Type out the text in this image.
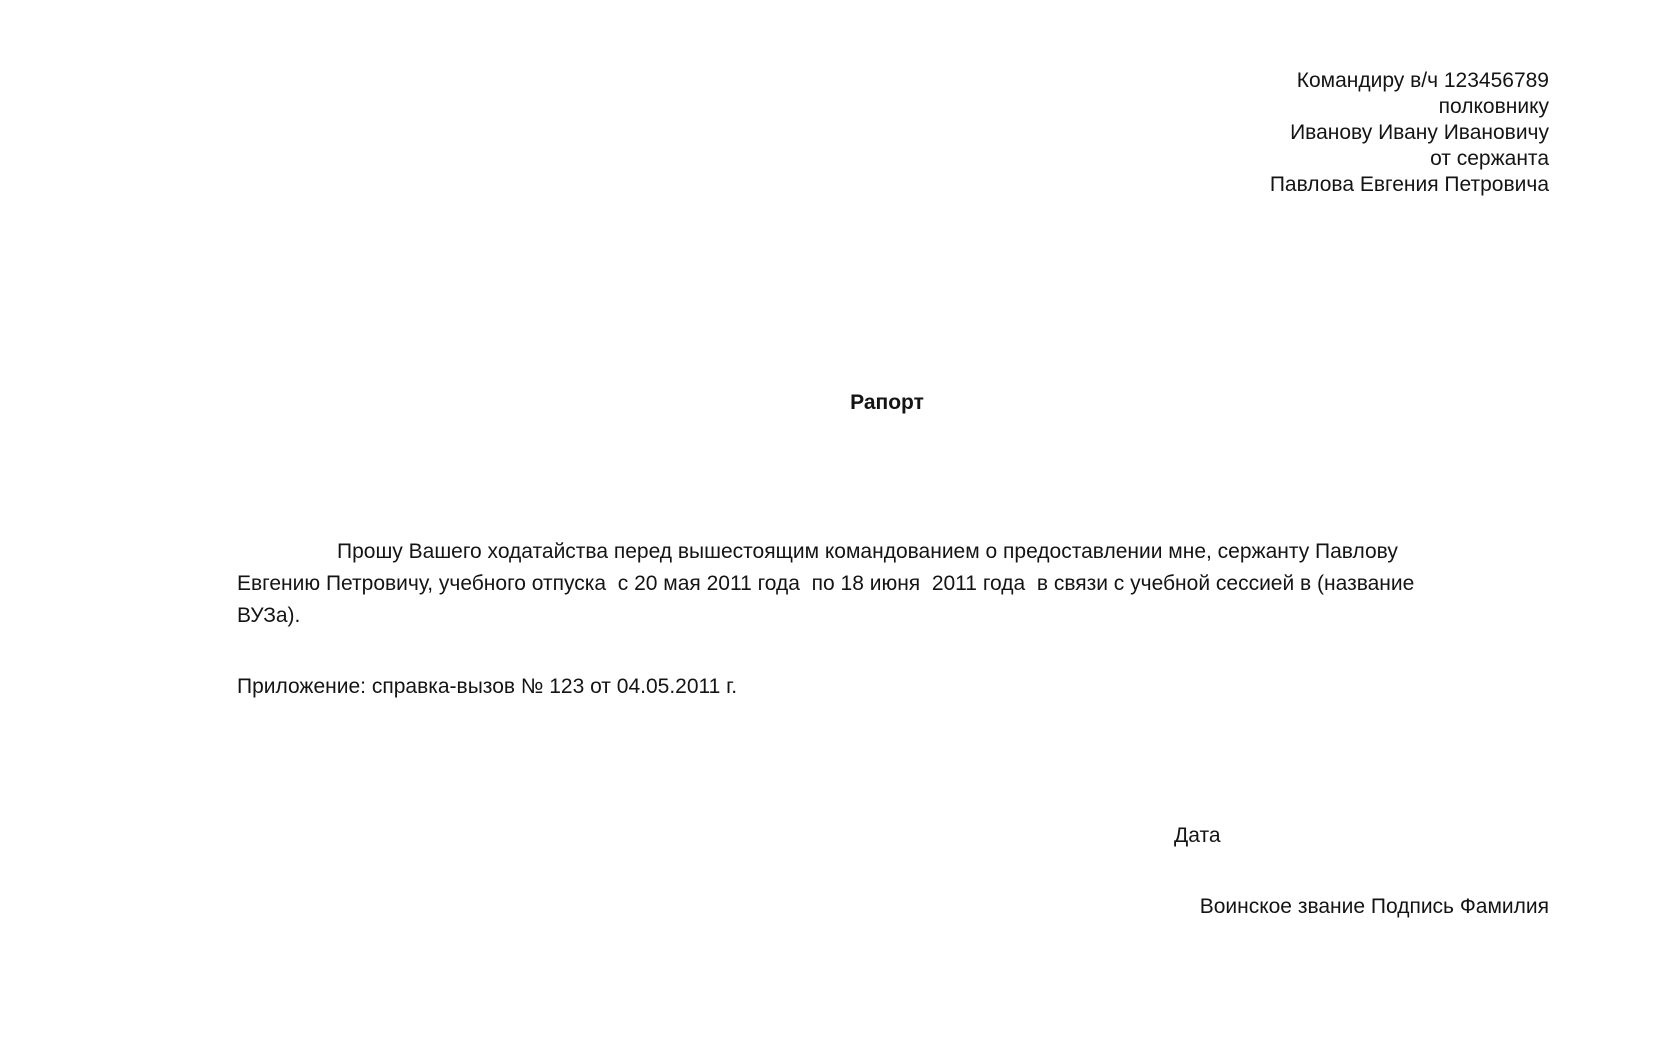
Командиру в/ч 123456789
полковнику
Иванову Ивану Ивановичу
от сержанта
Павлова Евгения Петровича
Рапорт

Прошу Вашего ходатайства перед вышестоящим командованием о предоставлении мне, сержанту Павлову
Евгению Петровичу, учебного отпуска  с 20 мая 2011 года  по 18 июня  2011 года  в связи с учебной сессией в (название
ВУЗа).

Приложение: справка-вызов № 123 от 04.05.2011 г.
Дата
Воинское звание Подпись Фамилия
